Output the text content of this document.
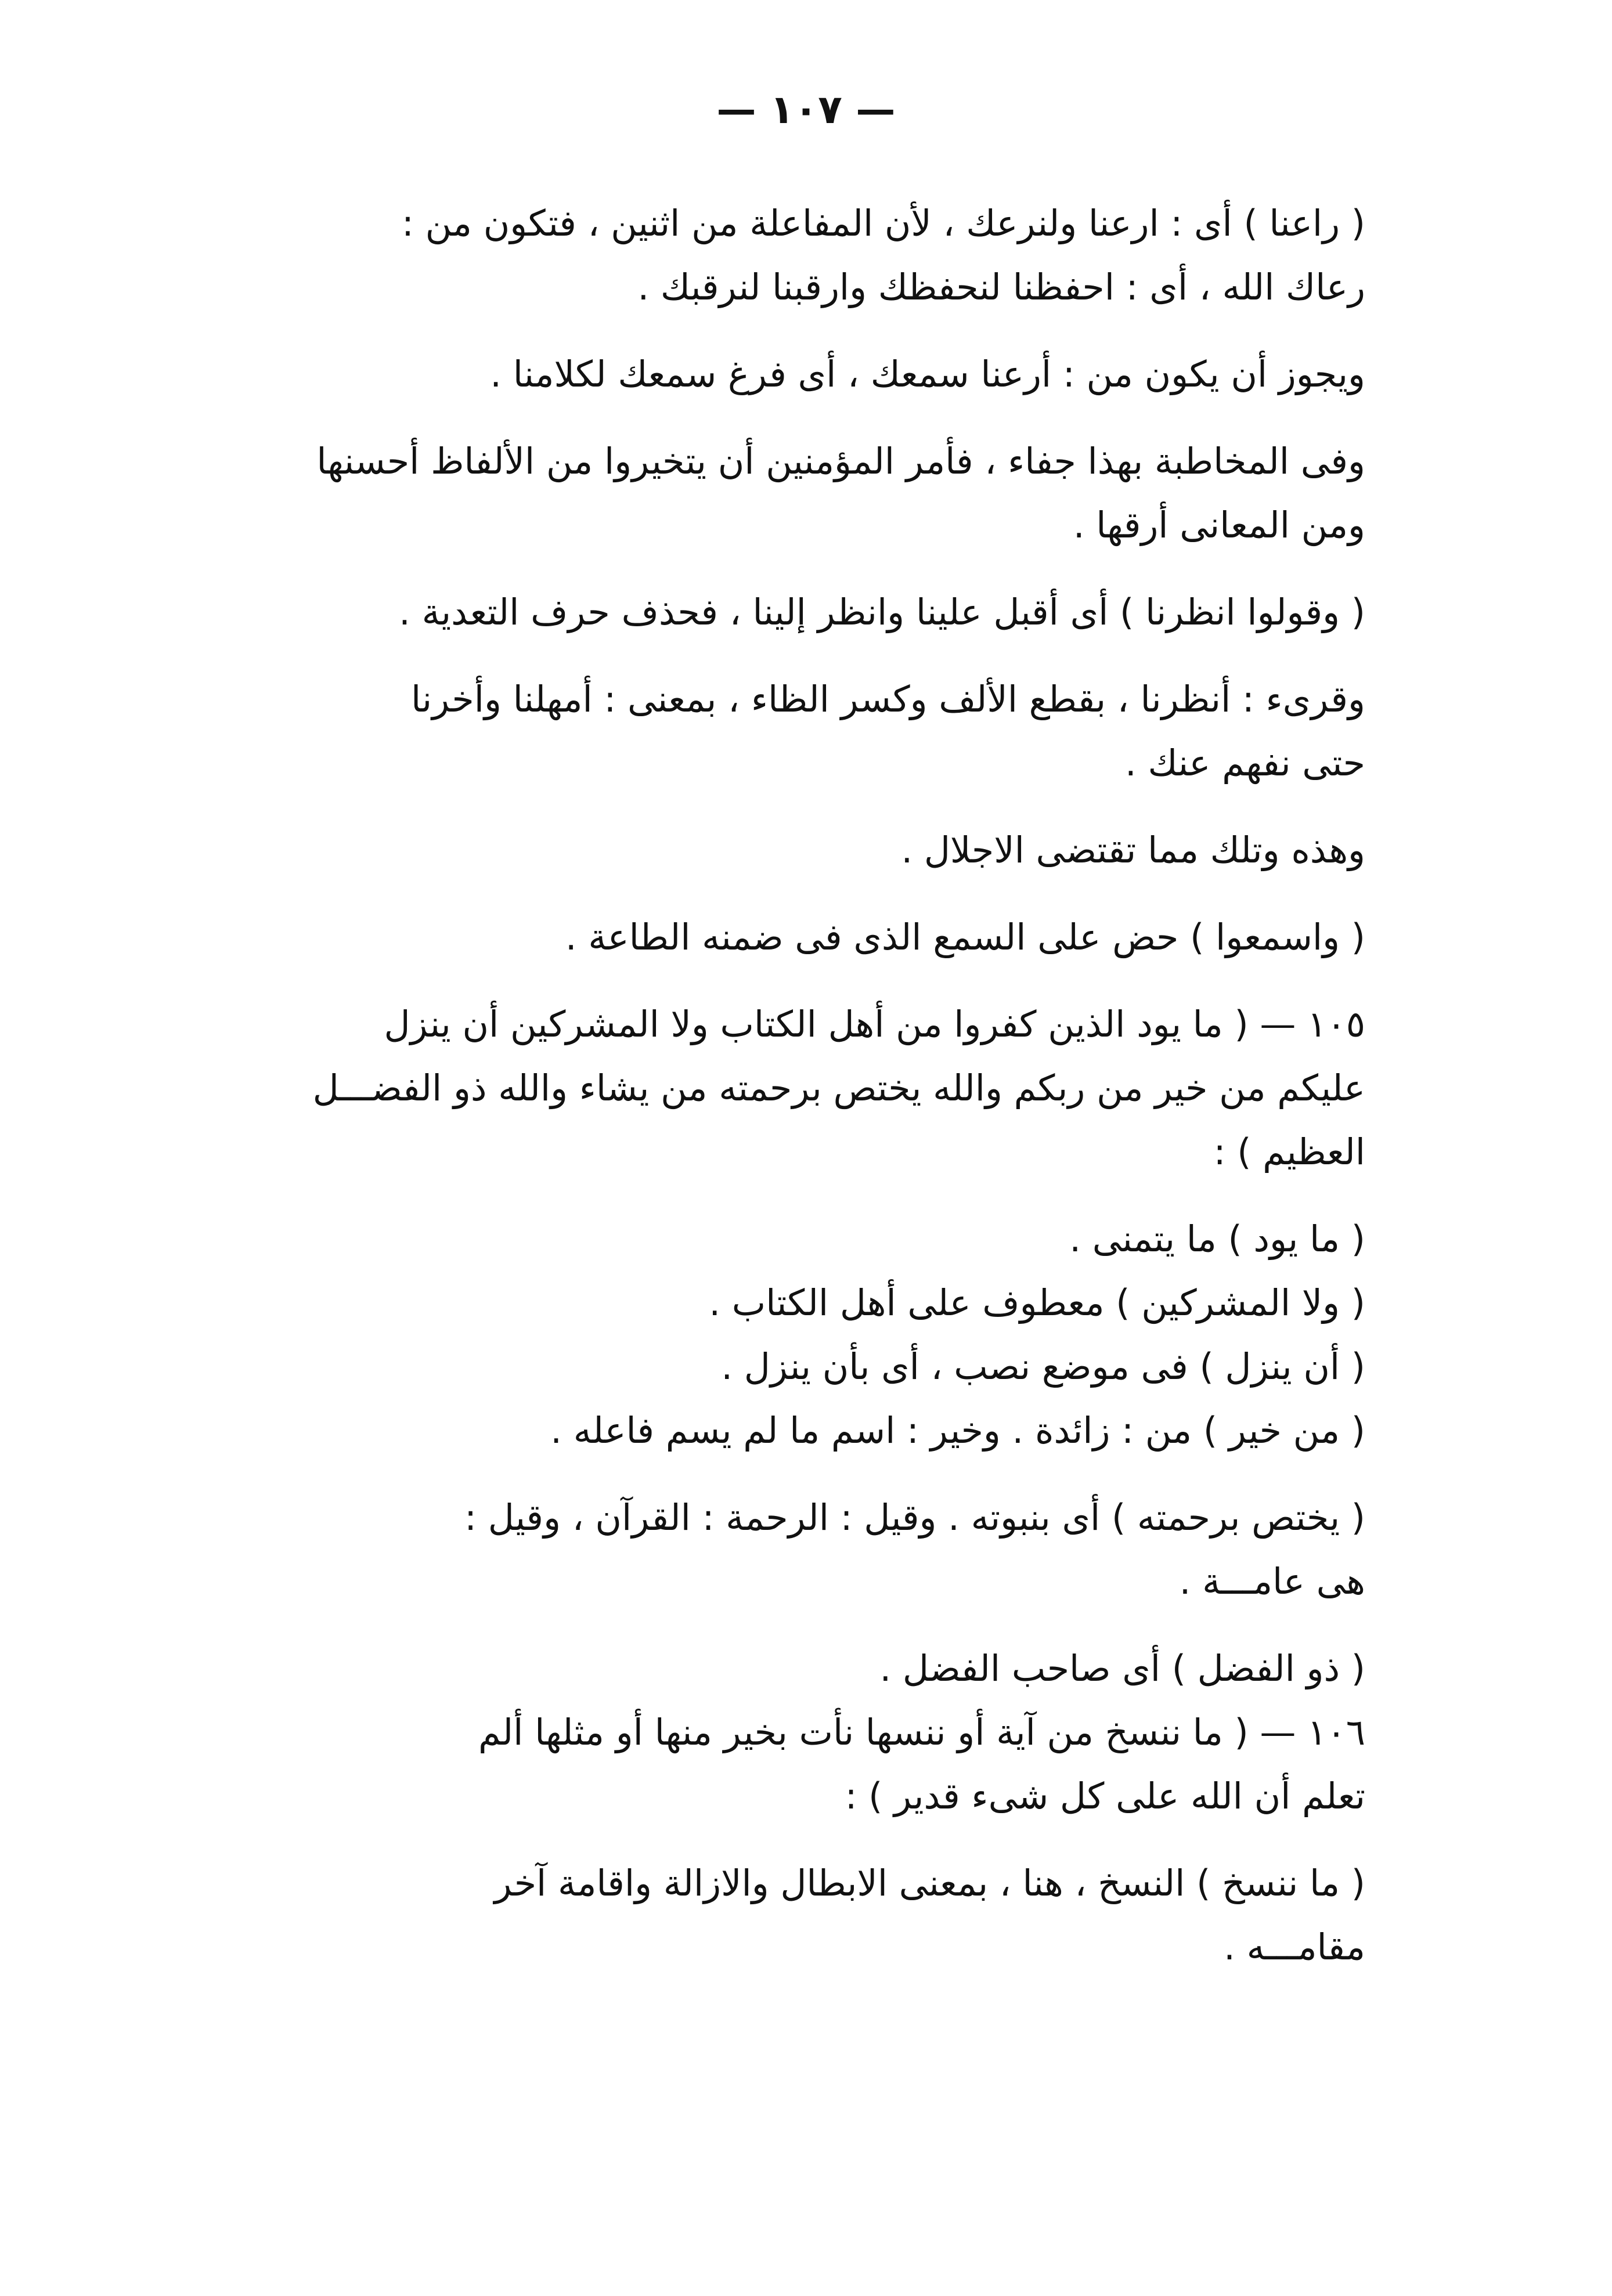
— ١٠٧ —
( راعنا ) أى : ارعنا ولنرعك ، لأن المفاعلة من اثنين ، فتكون من :
رعاك الله ، أى : احفظنا لنحفظك وارقبنا لنرقبك .
ويجوز أن يكون من : أرعنا سمعك ، أى فرغ سمعك لكلامنا .
وفى المخاطبة بهذا جفاء ، فأمر المؤمنين أن يتخيروا من الألفاظ أحسنها
ومن المعانى أرقها .
( وقولوا انظرنا ) أى أقبل علينا وانظر إلينا ، فحذف حرف التعدية .
وقرىء : أنظرنا ، بقطع الألف وكسر الظاء ، بمعنى : أمهلنا وأخرنا
حتى نفهم عنك .
وهذه وتلك مما تقتضى الاجلال .
( واسمعوا ) حض على السمع الذى فى ضمنه الطاعة .
١٠٥ — ( ما يود الذين كفروا من أهل الكتاب ولا المشركين أن ينزل
عليكم من خير من ربكم والله يختص برحمته من يشاء والله ذو الفضـــل
العظيم ) :
( ما يود ) ما يتمنى .
( ولا المشركين ) معطوف على أهل الكتاب .
( أن ينزل ) فى موضع نصب ، أى بأن ينزل .
( من خير ) من : زائدة . وخير : اسم ما لم يسم فاعله .
( يختص برحمته ) أى بنبوته . وقيل : الرحمة : القرآن ، وقيل :
هى عامـــة .
( ذو الفضل ) أى صاحب الفضل .
١٠٦ — ( ما ننسخ من آية أو ننسها نأت بخير منها أو مثلها ألم
تعلم أن الله على كل شىء قدير ) :
( ما ننسخ ) النسخ ، هنا ، بمعنى الابطال والازالة واقامة آخر
مقامـــه .
